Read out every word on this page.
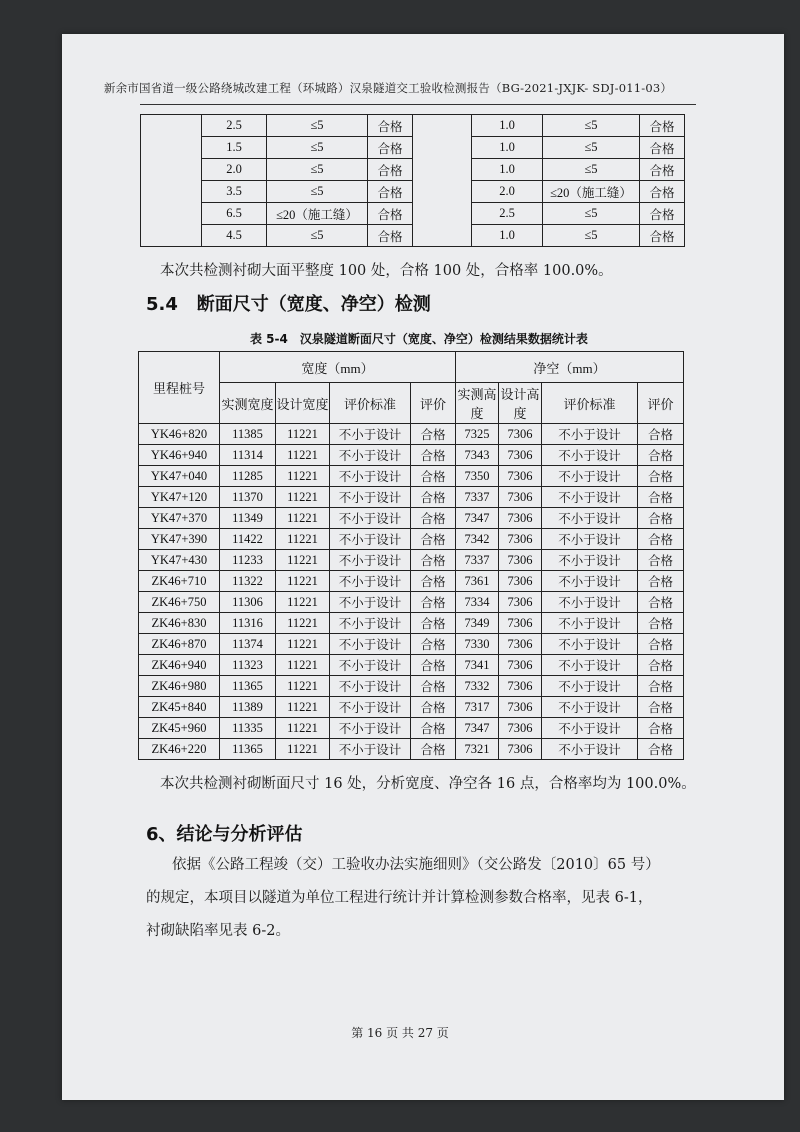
新余市国省道一级公路绕城改建工程（环城路）汉泉隧道交工验收检测报告（BG-2021-JXJK- SDJ-011-03）
	2.5	≤5	合格		1.0	≤5	合格
	1.5	≤5	合格		1.0	≤5	合格
	2.0	≤5	合格		1.0	≤5	合格
	3.5	≤5	合格		2.0	≤20（施工缝）	合格
	6.5	≤20（施工缝）	合格		2.5	≤5	合格
	4.5	≤5	合格		1.0	≤5	合格
本次共检测衬砌大面平整度 100 处，合格 100 处，合格率 100.0%。
5.4 断面尺寸（宽度、净空）检测
表 5-4　汉泉隧道断面尺寸（宽度、净空）检测结果数据统计表
里程桩号	宽度（mm）				净空（mm）			
	实测宽度	设计宽度	评价标准	评价	实测高度	设计高度	评价标准	评价
YK46+820	11385	11221	不小于设计	合格	7325	7306	不小于设计	合格
YK46+940	11314	11221	不小于设计	合格	7343	7306	不小于设计	合格
YK47+040	11285	11221	不小于设计	合格	7350	7306	不小于设计	合格
YK47+120	11370	11221	不小于设计	合格	7337	7306	不小于设计	合格
YK47+370	11349	11221	不小于设计	合格	7347	7306	不小于设计	合格
YK47+390	11422	11221	不小于设计	合格	7342	7306	不小于设计	合格
YK47+430	11233	11221	不小于设计	合格	7337	7306	不小于设计	合格
ZK46+710	11322	11221	不小于设计	合格	7361	7306	不小于设计	合格
ZK46+750	11306	11221	不小于设计	合格	7334	7306	不小于设计	合格
ZK46+830	11316	11221	不小于设计	合格	7349	7306	不小于设计	合格
ZK46+870	11374	11221	不小于设计	合格	7330	7306	不小于设计	合格
ZK46+940	11323	11221	不小于设计	合格	7341	7306	不小于设计	合格
ZK46+980	11365	11221	不小于设计	合格	7332	7306	不小于设计	合格
ZK45+840	11389	11221	不小于设计	合格	7317	7306	不小于设计	合格
ZK45+960	11335	11221	不小于设计	合格	7347	7306	不小于设计	合格
ZK46+220	11365	11221	不小于设计	合格	7321	7306	不小于设计	合格
本次共检测衬砌断面尺寸 16 处，分析宽度、净空各 16 点，合格率均为 100.0%。
6、结论与分析评估
依据《公路工程竣（交）工验收办法实施细则》（交公路发〔2010〕65 号）
的规定，本项目以隧道为单位工程进行统计并计算检测参数合格率，见表 6-1，
衬砌缺陷率见表 6-2。
第 16 页 共 27 页
